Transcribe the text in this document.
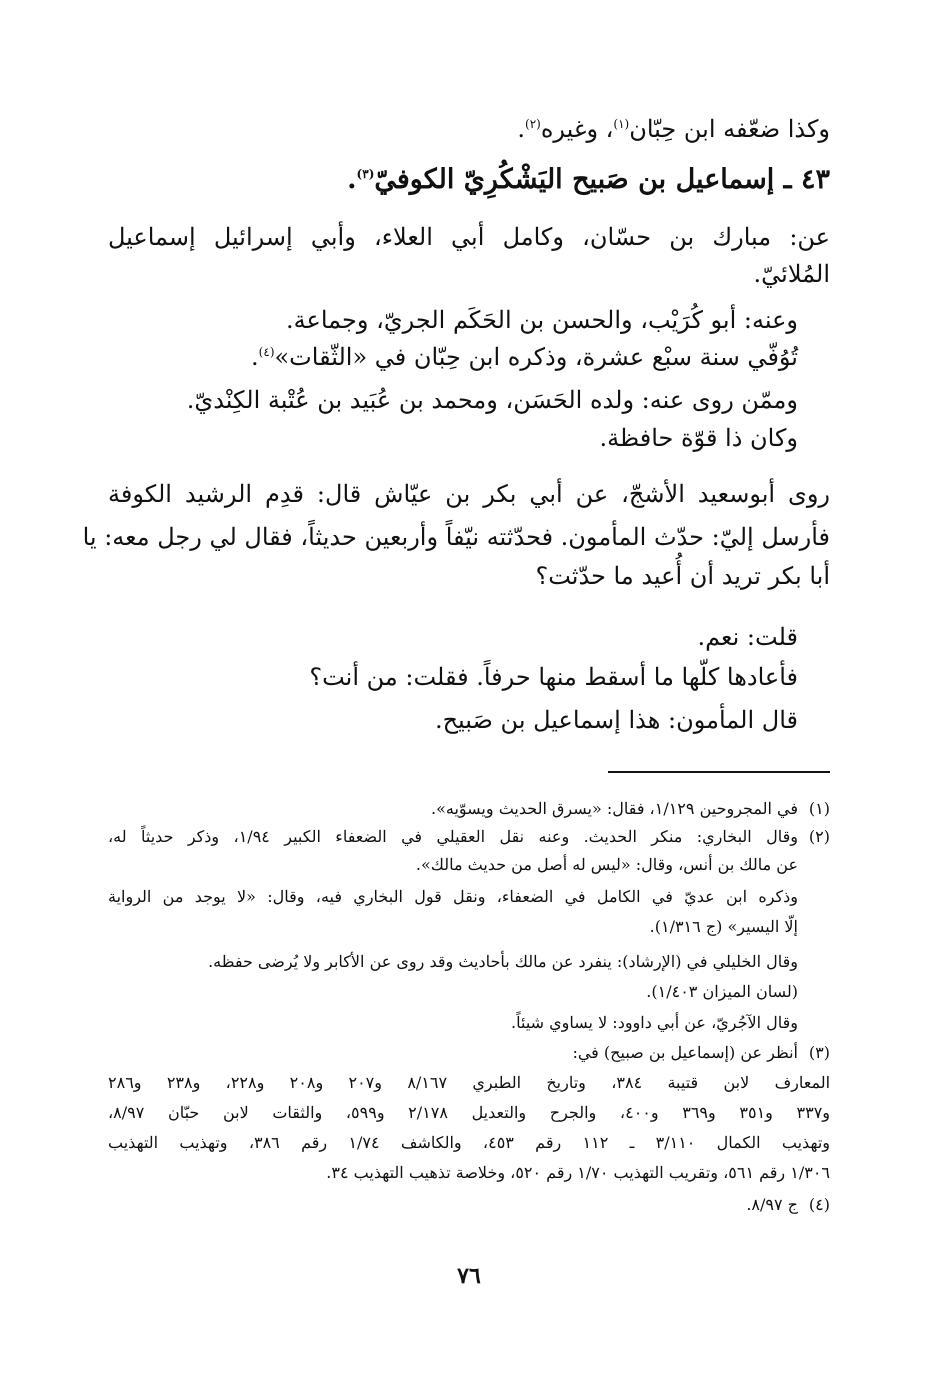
وكذا ضعّفه ابن حِبّان$^{(١)}$، وغيره$^{(٢)}$.
٤٣ ـ إسماعيل بن صَبيح اليَشْكُرِيّ الكوفيّ$^{(٣)}$.
عن: مبارك بن حسّان، وكامل أبي العلاء، وأبي إسرائيل إسماعيل
المُلائيّ.
وعنه: أبو كُرَيْب، والحسن بن الحَكَم الجريّ، وجماعة.
تُوُفّي سنة سبْع عشرة، وذكره ابن حِبّان في «الثّقات»$^{(٤)}$.
وممّن روى عنه: ولده الحَسَن، ومحمد بن عُبَيد بن عُتْبة الكِنْديّ.
وكان ذا قوّة حافظة.
روى أبوسعيد الأشجّ، عن أبي بكر بن عيّاش قال: قدِم الرشيد الكوفة
فأرسل إليّ: حدّث المأمون. فحدّثته نيّفاً وأربعين حديثاً، فقال لي رجل معه: يا
أبا بكر تريد أن أُعيد ما حدّثت؟
قلت: نعم.
فأعادها كلّها ما أسقط منها حرفاً. فقلت: من أنت؟
قال المأمون: هذا إسماعيل بن صَبيح.
(١)
في المجروحين ١/١٢٩، فقال: «يسرق الحديث ويسوّيه».
(٢)
وقال البخاري: منكر الحديث. وعنه نقل العقيلي في الضعفاء الكبير ١/٩٤، وذكر حديثاً له،
عن مالك بن أنس، وقال: «ليس له أصل من حديث مالك».
وذكره ابن عديّ في الكامل في الضعفاء، ونقل قول البخاري فيه، وقال: «لا يوجد من الرواية
إلّا اليسير» (ج ١/٣١٦).
وقال الخليلي في (الإرشاد): ينفرد عن مالك بأحاديث وقد روى عن الأكابر ولا يُرضى حفظه.
(لسان الميزان ١/٤٠٣).
وقال الآجُريّ، عن أبي داوود: لا يساوي شيئاً.
(٣)
أنظر عن (إسماعيل بن صبيح) في:
المعارف لابن قتيبة ٣٨٤، وتاريخ الطبري ٨/١٦٧ و٢٠٧ و٢٠٨ و٢٢٨، و٢٣٨ و٢٨٦
و٣٣٧ و٣٥١ و٣٦٩ و٤٠٠، والجرح والتعديل ٢/١٧٨ و٥٩٩، والثقات لابن حبّان ٨/٩٧،
وتهذيب الكمال ٣/١١٠ ـ ١١٢ رقم ٤٥٣، والكاشف ١/٧٤ رقم ٣٨٦، وتهذيب التهذيب
١/٣٠٦ رقم ٥٦١، وتقريب التهذيب ١/٧٠ رقم ٥٢٠، وخلاصة تذهيب التهذيب ٣٤.
(٤)
ج ٨/٩٧.
٧٦
